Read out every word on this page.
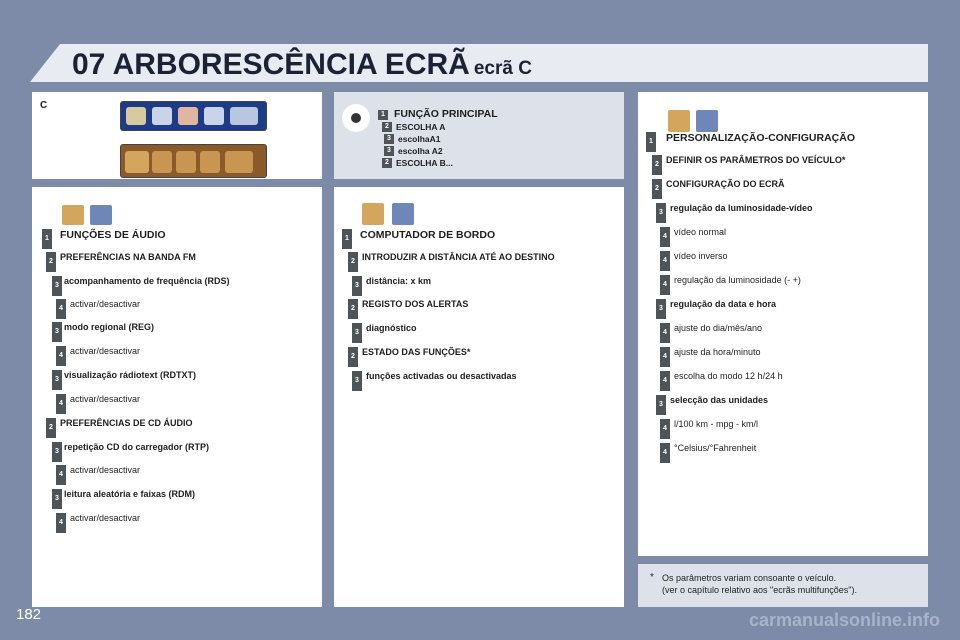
07 ARBORESCÊNCIA ECRÃ ecrã C
C
1 FUNÇÃO PRINCIPAL
2 ESCOLHA A
3 escolhaA1
3 escolha A2
2 ESCOLHA B...
1 FUNÇÕES DE ÁUDIO
2 PREFERÊNCIAS NA BANDA FM
3 acompanhamento de frequência (RDS)
4 activar/desactivar
3 modo regional (REG)
4 activar/desactivar
3 visualização rádiotext (RDTXT)
4 activar/desactivar
2 PREFERÊNCIAS DE CD ÁUDIO
3 repetição CD do carregador (RTP)
4 activar/desactivar
3 leitura aleatória e faixas (RDM)
4 activar/desactivar
1 COMPUTADOR DE BORDO
2 INTRODUZIR A DISTÂNCIA ATÉ AO DESTINO
3 distância: x km
2 REGISTO DOS ALERTAS
3 diagnóstico
2 ESTADO DAS FUNÇÕES*
3 funções activadas ou desactivadas
1 PERSONALIZAÇÃO-CONFIGURAÇÃO
2 DEFINIR OS PARÂMETROS DO VEÍCULO*
2 CONFIGURAÇÃO DO ECRÃ
3 regulação da luminosidade-vídeo
4 vídeo normal
4 vídeo inverso
4 regulação da luminosidade (- +)
3 regulação da data e hora
4 ajuste do dia/mês/ano
4 ajuste da hora/minuto
4 escolha do modo 12 h/24 h
3 selecção das unidades
4 l/100 km - mpg - km/l
4 °Celsius/°Fahrenheit
* Os parâmetros variam consoante o veículo.
(ver o capítulo relativo aos "ecrãs multifunções").
182	carmanualsonline.info
